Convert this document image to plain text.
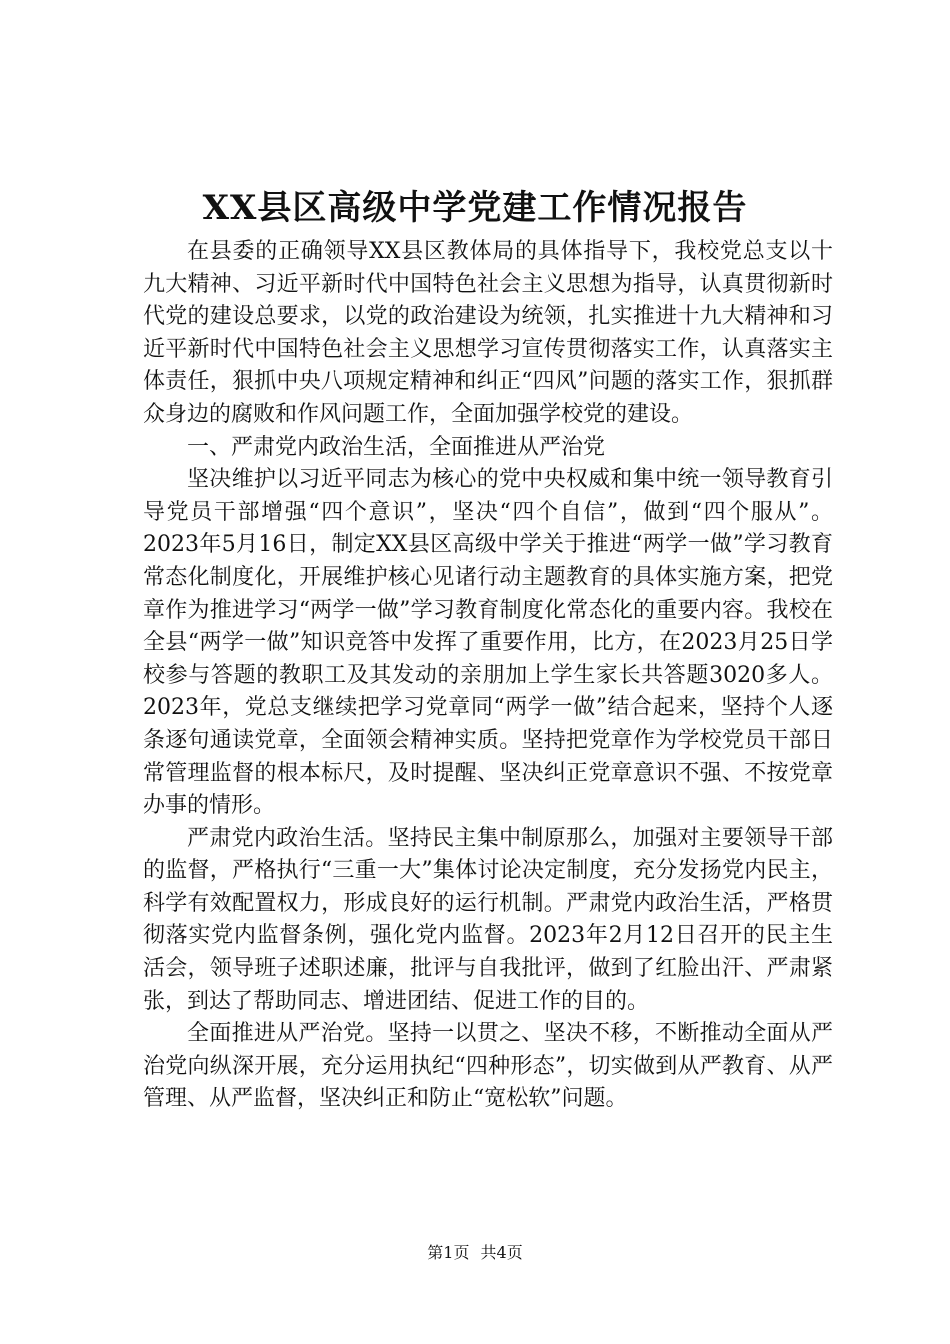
XX县区高级中学党建工作情况报告

在县委的正确领导XX县区教体局的具体指导下，我校党总支以十九大精神、习近平新时代中国特色社会主义思想为指导，认真贯彻新时代党的建设总要求，以党的政治建设为统领，扎实推进十九大精神和习近平新时代中国特色社会主义思想学习宣传贯彻落实工作，认真落实主体责任，狠抓中央八项规定精神和纠正“四风”问题的落实工作，狠抓群众身边的腐败和作风问题工作，全面加强学校党的建设。

一、严肃党内政治生活，全面推进从严治党

坚决维护以习近平同志为核心的党中央权威和集中统一领导教育引导党员干部增强“四个意识”，坚决“四个自信”，做到“四个服从”。2023年5月16日，制定XX县区高级中学关于推进“两学一做”学习教育常态化制度化，开展维护核心见诸行动主题教育的具体实施方案，把党章作为推进学习“两学一做”学习教育制度化常态化的重要内容。我校在全县“两学一做”知识竞答中发挥了重要作用，比方，在2023月25日学校参与答题的教职工及其发动的亲朋加上学生家长共答题3020多人。2023年，党总支继续把学习党章同“两学一做”结合起来，坚持个人逐条逐句通读党章，全面领会精神实质。坚持把党章作为学校党员干部日常管理监督的根本标尺，及时提醒、坚决纠正党章意识不强、不按党章办事的情形。

严肃党内政治生活。坚持民主集中制原那么，加强对主要领导干部的监督，严格执行“三重一大”集体讨论决定制度，充分发扬党内民主，科学有效配置权力，形成良好的运行机制。严肃党内政治生活，严格贯彻落实党内监督条例，强化党内监督。2023年2月12日召开的民主生活会，领导班子述职述廉，批评与自我批评，做到了红脸出汗、严肃紧张，到达了帮助同志、增进团结、促进工作的目的。

全面推进从严治党。坚持一以贯之、坚决不移，不断推动全面从严治党向纵深开展，充分运用执纪“四种形态”，切实做到从严教育、从严管理、从严监督，坚决纠正和防止“宽松软”问题。

第1页 共4页
